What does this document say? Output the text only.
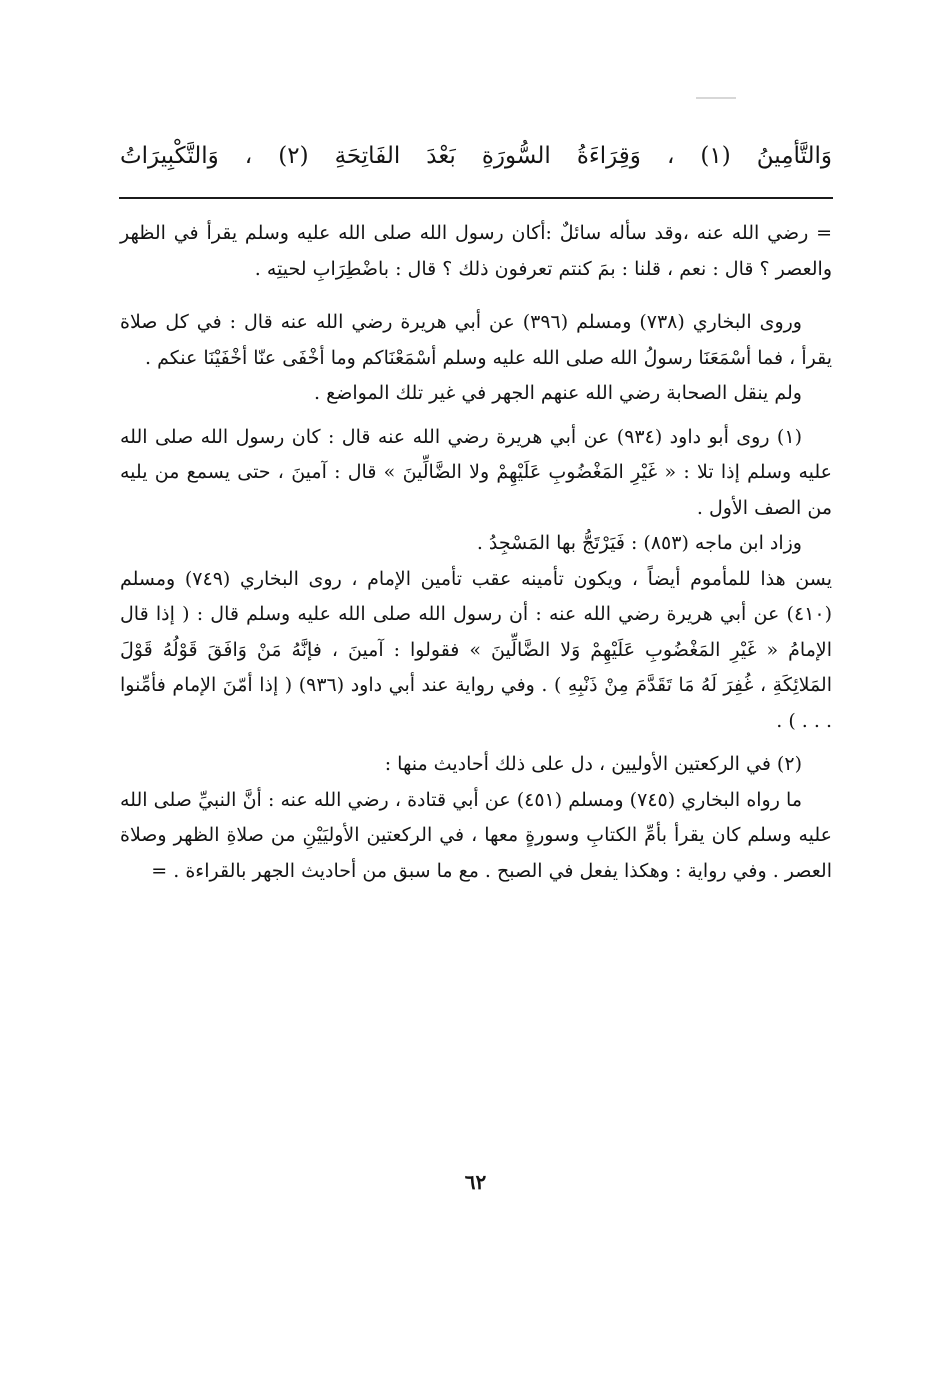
وَالتَّأمِينُ (١) ، وَقِرَاءَةُ السُّورَةِ بَعْدَ الفَاتِحَةِ (٢) ، وَالتَّكْبِيرَاتُ

= رضي الله عنه ،وقد سأله سائلٌ :أكان رسول الله صلى الله عليه وسلم يقرأ في الظهر والعصر ؟ قال : نعم ، قلنا : بمَ كنتم تعرفون ذلك ؟ قال : باضْطِرَابِ لحيتِه .

وروى البخاري (٧٣٨) ومسلم (٣٩٦) عن أبي هريرة رضي الله عنه قال : في كل صلاة يقرأ ، فما أسْمَعَنَا رسولُ الله صلى الله عليه وسلم أسْمَعْنَاكم وما أخْفَى عنّا أخْفَيْنَا عنكم .

ولم ينقل الصحابة رضي الله عنهم الجهر في غير تلك المواضع .

(١) روى أبو داود (٩٣٤) عن أبي هريرة رضي الله عنه قال : كان رسول الله صلى الله عليه وسلم إذا تلا : « غَيْرِ المَغْضُوبِ عَلَيْهِمْ ولا الضَّالِّينَ » قال : آمينَ ، حتى يسمع من يليه من الصف الأول .

وزاد ابن ماجه (٨٥٣) : فَيَرْتَجُّ بها المَسْجِدُ .

يسن هذا للمأموم أيضاً ، ويكون تأمينه عقب تأمين الإمام ، روى البخاري (٧٤٩) ومسلم (٤١٠) عن أبي هريرة رضي الله عنه : أن رسول الله صلى الله عليه وسلم قال : ( إذا قال الإمامُ « غَيْرِ المَغْضُوبِ عَلَيْهِمْ وَلا الضَّالِّينَ » فقولوا : آمينَ ، فإنَّهُ مَنْ وَافَقَ قَوْلُهُ قَوْلَ المَلائِكَةِ ، غُفِرَ لَهُ مَا تَقَدَّمَ مِنْ ذَنْبِهِ ) . وفي رواية عند أبي داود (٩٣٦) ( إذا أمّنَ الإمام فأمِّنوا . . . ) .

(٢) في الركعتين الأوليين ، دل على ذلك أحاديث منها :

ما رواه البخاري (٧٤٥) ومسلم (٤٥١) عن أبي قتادة ، رضي الله عنه : أنَّ النبيِّ صلى الله عليه وسلم كان يقرأ بأمِّ الكتابِ وسورةٍ معها ، في الركعتين الأوليَيْنِ من صلاةِ الظهر وصلاة العصر . وفي رواية : وهكذا يفعل في الصبح . مع ما سبق من أحاديث الجهر بالقراءة . =

٦٢
